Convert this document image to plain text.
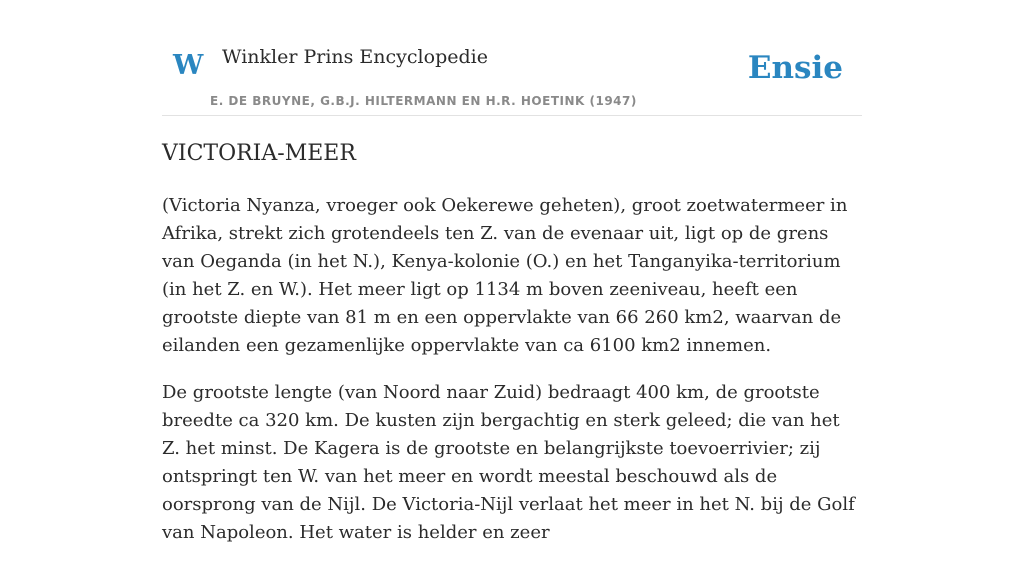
W Winkler Prins Encyclopedie
E. DE BRUYNE, G.B.J. HILTERMANN EN H.R. HOETINK (1947)
Ensie
VICTORIA-MEER

(Victoria Nyanza, vroeger ook Oekerewe geheten), groot zoetwatermeer in Afrika, strekt zich grotendeels ten Z. van de evenaar uit, ligt op de grens van Oeganda (in het N.), Kenya-kolonie (O.) en het Tanganyika-territorium (in het Z. en W.). Het meer ligt op 1134 m boven zeeniveau, heeft een grootste diepte van 81 m en een oppervlakte van 66 260 km2, waarvan de eilanden een gezamenlijke oppervlakte van ca 6100 km2 innemen.

De grootste lengte (van Noord naar Zuid) bedraagt 400 km, de grootste breedte ca 320 km. De kusten zijn bergachtig en sterk geleed; die van het Z. het minst. De Kagera is de grootste en belangrijkste toevoerrivier; zij ontspringt ten W. van het meer en wordt meestal beschouwd als de oorsprong van de Nijl. De Victoria-Nijl verlaat het meer in het N. bij de Golf van Napoleon. Het water is helder en zeer
